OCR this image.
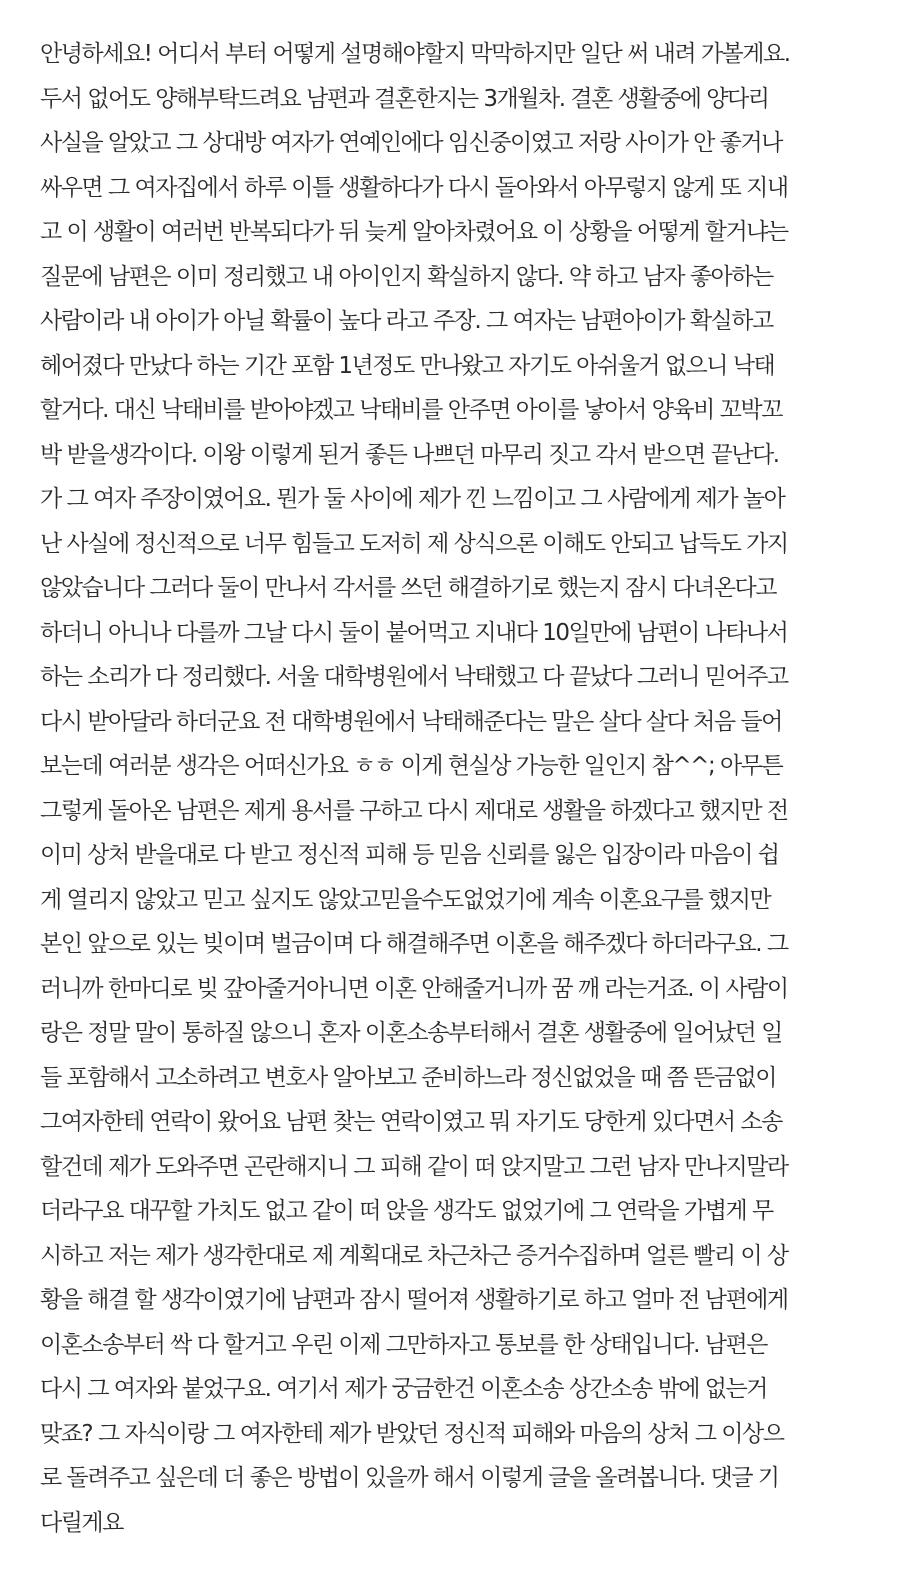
안녕하세요! 어디서 부터 어떻게 설명해야할지 막막하지만 일단 써 내려 가볼게요.
두서 없어도 양해부탁드려요 남편과 결혼한지는 3개월차. 결혼 생활중에 양다리
사실을 알았고 그 상대방 여자가 연예인에다 임신중이였고 저랑 사이가 안 좋거나
싸우면 그 여자집에서 하루 이틀 생활하다가 다시 돌아와서 아무렇지 않게 또 지내
고 이 생활이 여러번 반복되다가 뒤 늦게 알아차렸어요 이 상황을 어떻게 할거냐는
질문에 남편은 이미 정리했고 내 아이인지 확실하지 않다. 약 하고 남자 좋아하는
사람이라 내 아이가 아닐 확률이 높다 라고 주장. 그 여자는 남편아이가 확실하고
헤어졌다 만났다 하는 기간 포함 1년정도 만나왔고 자기도 아쉬울거 없으니 낙태
할거다. 대신 낙태비를 받아야겠고 낙태비를 안주면 아이를 낳아서 양육비 꼬박꼬
박 받을생각이다. 이왕 이렇게 된거 좋든 나쁘던 마무리 짓고 각서 받으면 끝난다.
가 그 여자 주장이였어요. 뭔가 둘 사이에 제가 낀 느낌이고 그 사람에게 제가 놀아
난 사실에 정신적으로 너무 힘들고 도저히 제 상식으론 이해도 안되고 납득도 가지
않았습니다 그러다 둘이 만나서 각서를 쓰던 해결하기로 했는지 잠시 다녀온다고
하더니 아니나 다를까 그날 다시 둘이 붙어먹고 지내다 10일만에 남편이 나타나서
하는 소리가 다 정리했다. 서울 대학병원에서 낙태했고 다 끝났다 그러니 믿어주고
다시 받아달라 하더군요 전 대학병원에서 낙태해준다는 말은 살다 살다 처음 들어
보는데 여러분 생각은 어떠신가요 ㅎㅎ 이게 현실상 가능한 일인지 참^^; 아무튼
그렇게 돌아온 남편은 제게 용서를 구하고 다시 제대로 생활을 하겠다고 했지만 전
이미 상처 받을대로 다 받고 정신적 피해 등 믿음 신뢰를 잃은 입장이라 마음이 쉽
게 열리지 않았고 믿고 싶지도 않았고믿을수도없었기에 계속 이혼요구를 했지만
본인 앞으로 있는 빚이며 벌금이며 다 해결해주면 이혼을 해주겠다 하더라구요. 그
러니까 한마디로 빚 갚아줄거아니면 이혼 안해줄거니까 꿈 깨 라는거죠. 이 사람이
랑은 정말 말이 통하질 않으니 혼자 이혼소송부터해서 결혼 생활중에 일어났던 일
들 포함해서 고소하려고 변호사 알아보고 준비하느라 정신없었을 때 쯤 뜬금없이
그여자한테 연락이 왔어요 남편 찾는 연락이였고 뭐 자기도 당한게 있다면서 소송
할건데 제가 도와주면 곤란해지니 그 피해 같이 떠 앉지말고 그런 남자 만나지말라
더라구요 대꾸할 가치도 없고 같이 떠 앉을 생각도 없었기에 그 연락을 가볍게 무
시하고 저는 제가 생각한대로 제 계획대로 차근차근 증거수집하며 얼른 빨리 이 상
황을 해결 할 생각이였기에 남편과 잠시 떨어져 생활하기로 하고 얼마 전 남편에게
이혼소송부터 싹 다 할거고 우린 이제 그만하자고 통보를 한 상태입니다. 남편은
다시 그 여자와 붙었구요. 여기서 제가 궁금한건 이혼소송 상간소송 밖에 없는거
맞죠? 그 자식이랑 그 여자한테 제가 받았던 정신적 피해와 마음의 상처 그 이상으
로 돌려주고 싶은데 더 좋은 방법이 있을까 해서 이렇게 글을 올려봅니다. 댓글 기
다릴게요
